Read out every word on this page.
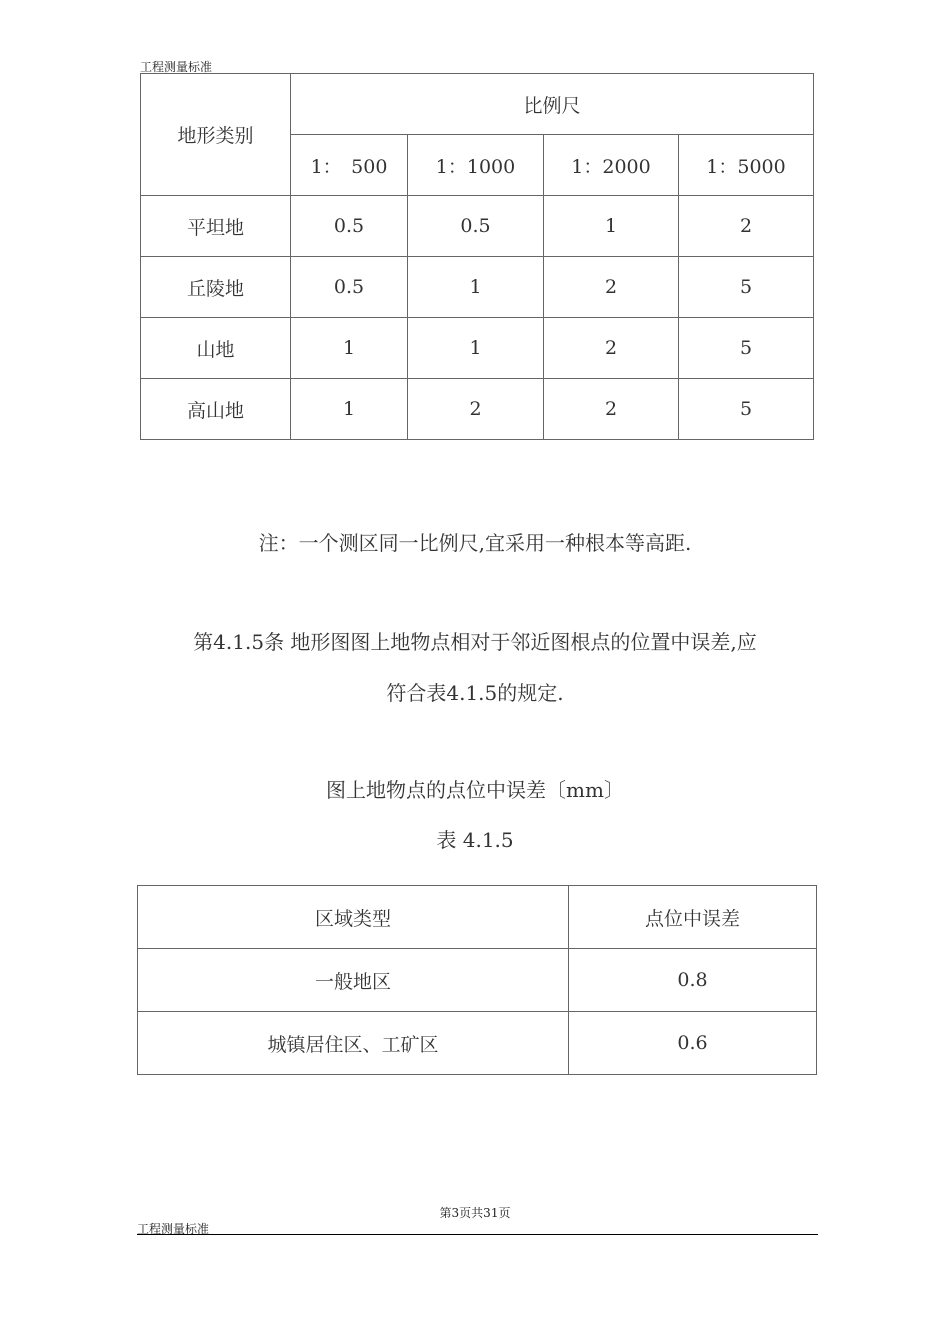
工程测量标准
地形类别	比例尺			
	1：　500	1：1000	1：2000	1：5000
平坦地	0.5	0.5	1	2
丘陵地	0.5	1	2	5
山地	1	1	2	5
高山地	1	2	2	5
注：一个测区同一比例尺,宜采用一种根本等高距.
第4.1.5条 地形图图上地物点相对于邻近图根点的位置中误差,应
符合表4.1.5的规定.
图上地物点的点位中误差〔mm〕
表 4.1.5
区域类型	点位中误差
一般地区	0.8
城镇居住区、工矿区	0.6
第3页共31页
工程测量标准
